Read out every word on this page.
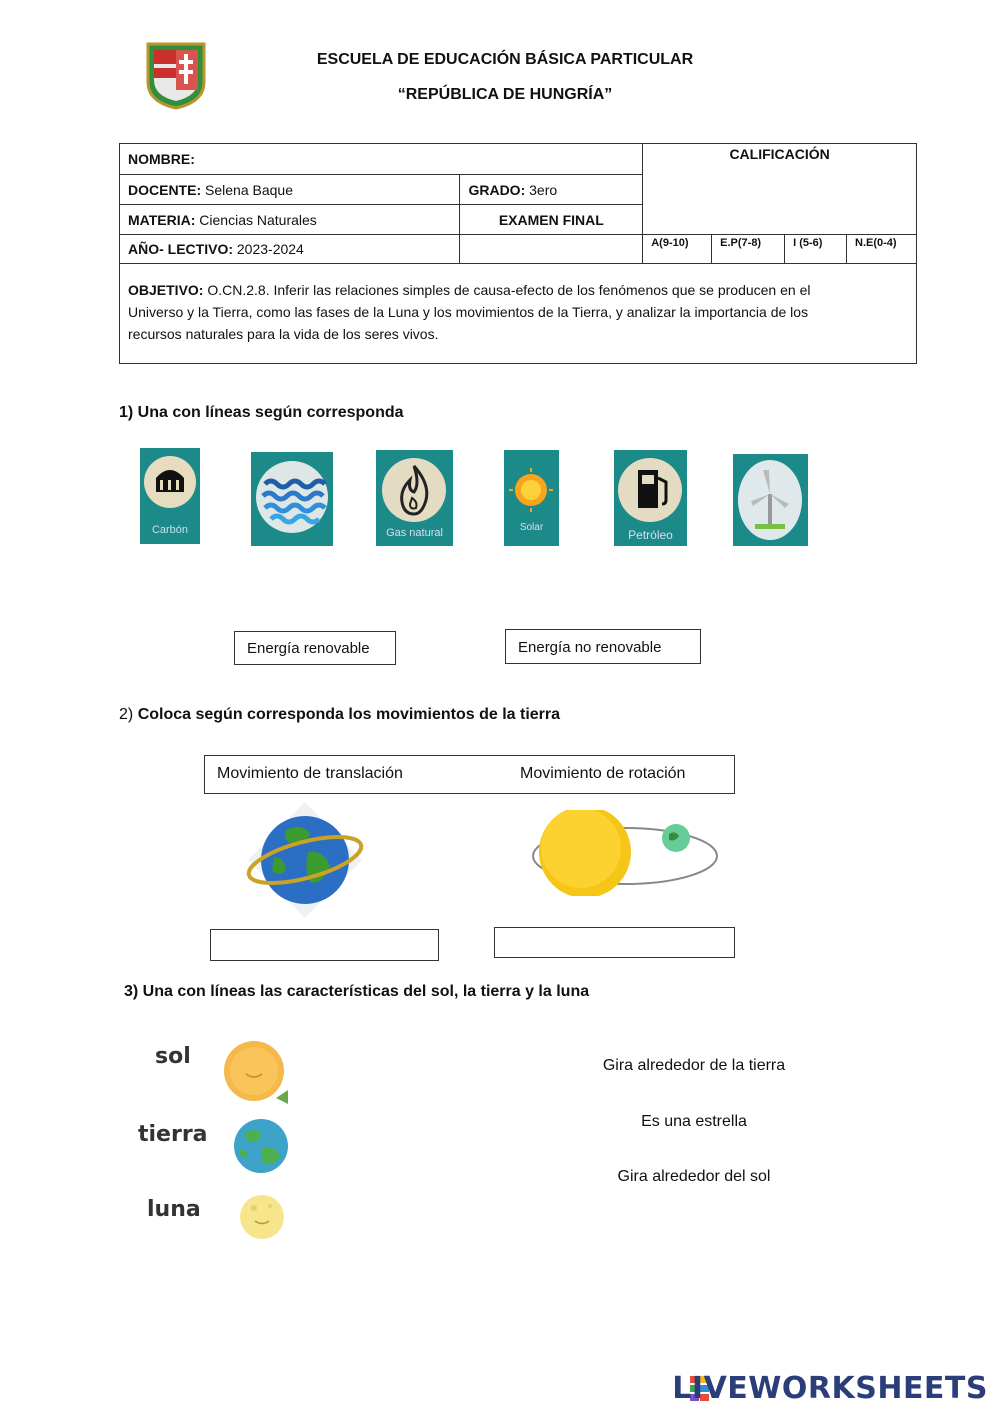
ESCUELA DE EDUCACIÓN BÁSICA PARTICULAR
“REPÚBLICA DE HUNGRÍA”
NOMBRE:		CALIFICACIÓN			
DOCENTE: Selena Baque	GRADO: 3ero				
MATERIA: Ciencias Naturales	EXAMEN FINAL				
AÑO- LECTIVO: 2023-2024		A(9-10)	E.P(7-8)	I (5-6)	N.E(0-4)
OBJETIVO: O.CN.2.8. Inferir las relaciones simples de causa-efecto de los fenómenos que se producen en el
Universo y la Tierra, como las fases de la Luna y los movimientos de la Tierra, y analizar la importancia de los
recursos naturales para la vida de los seres vivos.					
1) Una con líneas según corresponda
Carbón	Gas natural	Solar
Petróleo
Energía renovable	Energía no renovable
2) Coloca según corresponda los movimientos de la tierra
Movimiento de translación	Movimiento de rotación
3) Una con líneas las características del sol, la tierra y la luna
sol
tierra
luna
Gira alrededor de la tierra
Es una estrella
Gira alrededor del sol
LIVEWORKSHEETS
